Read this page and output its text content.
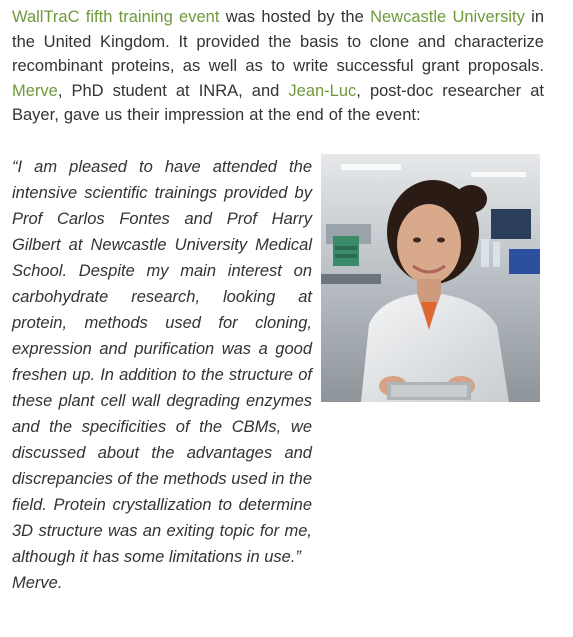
WallTraC fifth training event was hosted by the Newcastle University in the United Kingdom. It provided the basis to clone and characterize recombinant proteins, as well as to write successful grant proposals. Merve, PhD student at INRA, and Jean-Luc, post-doc researcher at Bayer, gave us their impression at the end of the event:

“I am pleased to have attended the intensive scientific trainings provided by Prof Carlos Fontes and Prof Harry Gilbert at Newcastle University Medical School. Despite my main interest on carbohydrate research, looking at protein, methods used for cloning, expression and purification was a good freshen up. In addition to the structure of these plant cell wall degrading enzymes and the specificities of the CBMs, we discussed about the advantages and discrepancies of the methods used in the field. Protein crystallization to determine 3D structure was an exiting topic for me, although it has some limitations in use.”

Merve.
